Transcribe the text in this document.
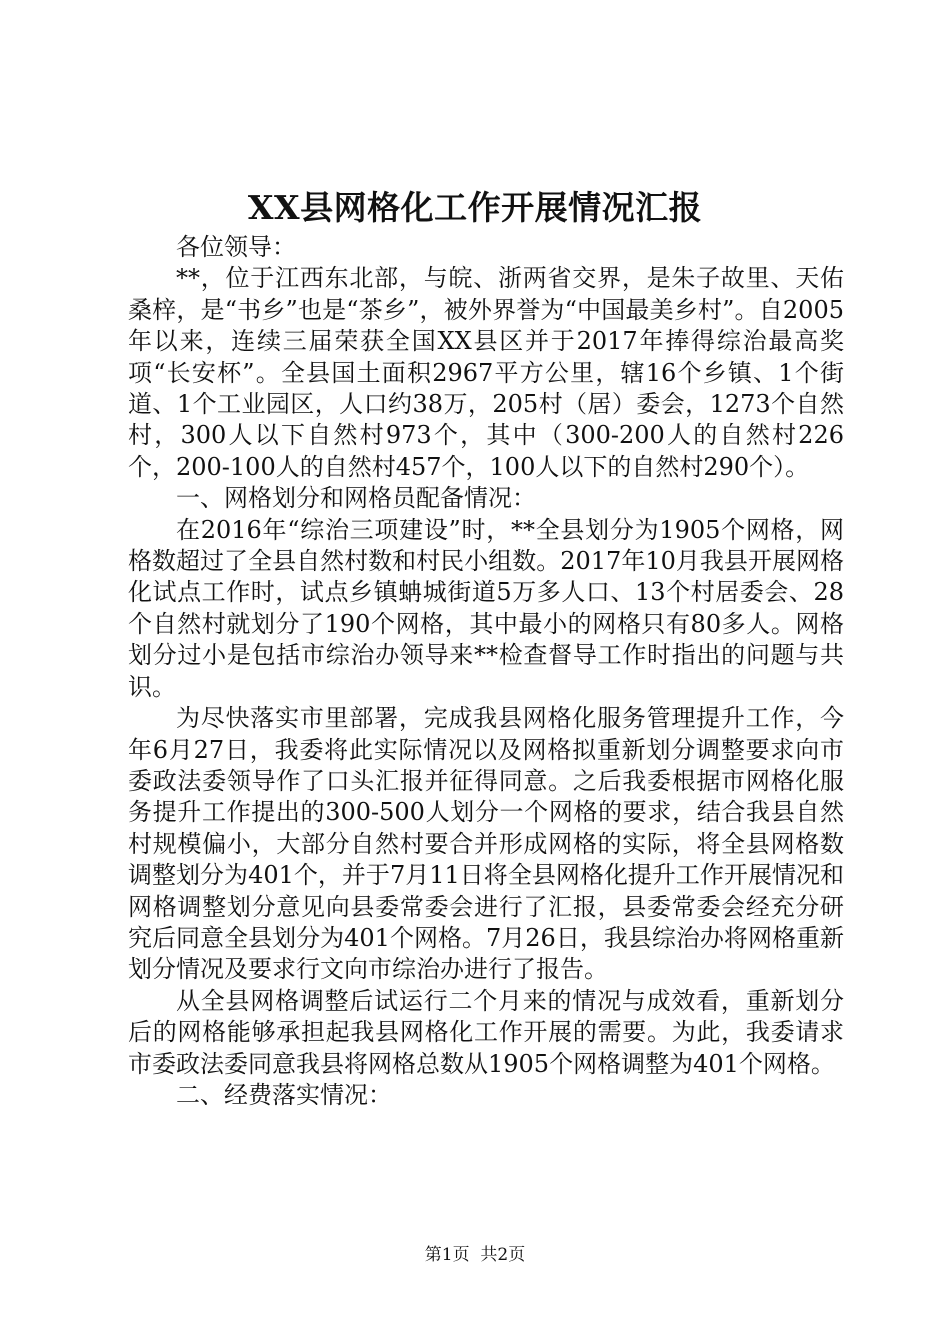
XX县网格化工作开展情况汇报

各位领导：

**，位于江西东北部，与皖、浙两省交界，是朱子故里、天佑桑梓，是“书乡”也是“茶乡”，被外界誉为“中国最美乡村”。自2005年以来，连续三届荣获全国XX县区并于2017年捧得综治最高奖项“长安杯”。全县国土面积2967平方公里，辖16个乡镇、1个街道、1个工业园区，人口约38万，205村（居）委会，1273个自然村，300人以下自然村973个，其中（300-200人的自然村226个，200-100人的自然村457个，100人以下的自然村290个）。

一、网格划分和网格员配备情况：

在2016年“综治三项建设”时，**全县划分为1905个网格，网格数超过了全县自然村数和村民小组数。2017年10月我县开展网格化试点工作时，试点乡镇蚺城街道5万多人口、13个村居委会、28个自然村就划分了190个网格，其中最小的网格只有80多人。网格划分过小是包括市综治办领导来**检查督导工作时指出的问题与共识。

为尽快落实市里部署，完成我县网格化服务管理提升工作，今年6月27日，我委将此实际情况以及网格拟重新划分调整要求向市委政法委领导作了口头汇报并征得同意。之后我委根据市网格化服务提升工作提出的300-500人划分一个网格的要求，结合我县自然村规模偏小，大部分自然村要合并形成网格的实际，将全县网格数调整划分为401个，并于7月11日将全县网格化提升工作开展情况和网格调整划分意见向县委常委会进行了汇报，县委常委会经充分研究后同意全县划分为401个网格。7月26日，我县综治办将网格重新划分情况及要求行文向市综治办进行了报告。

从全县网格调整后试运行二个月来的情况与成效看，重新划分后的网格能够承担起我县网格化工作开展的需要。为此，我委请求市委政法委同意我县将网格总数从1905个网格调整为401个网格。

二、经费落实情况：

第1页 共2页
